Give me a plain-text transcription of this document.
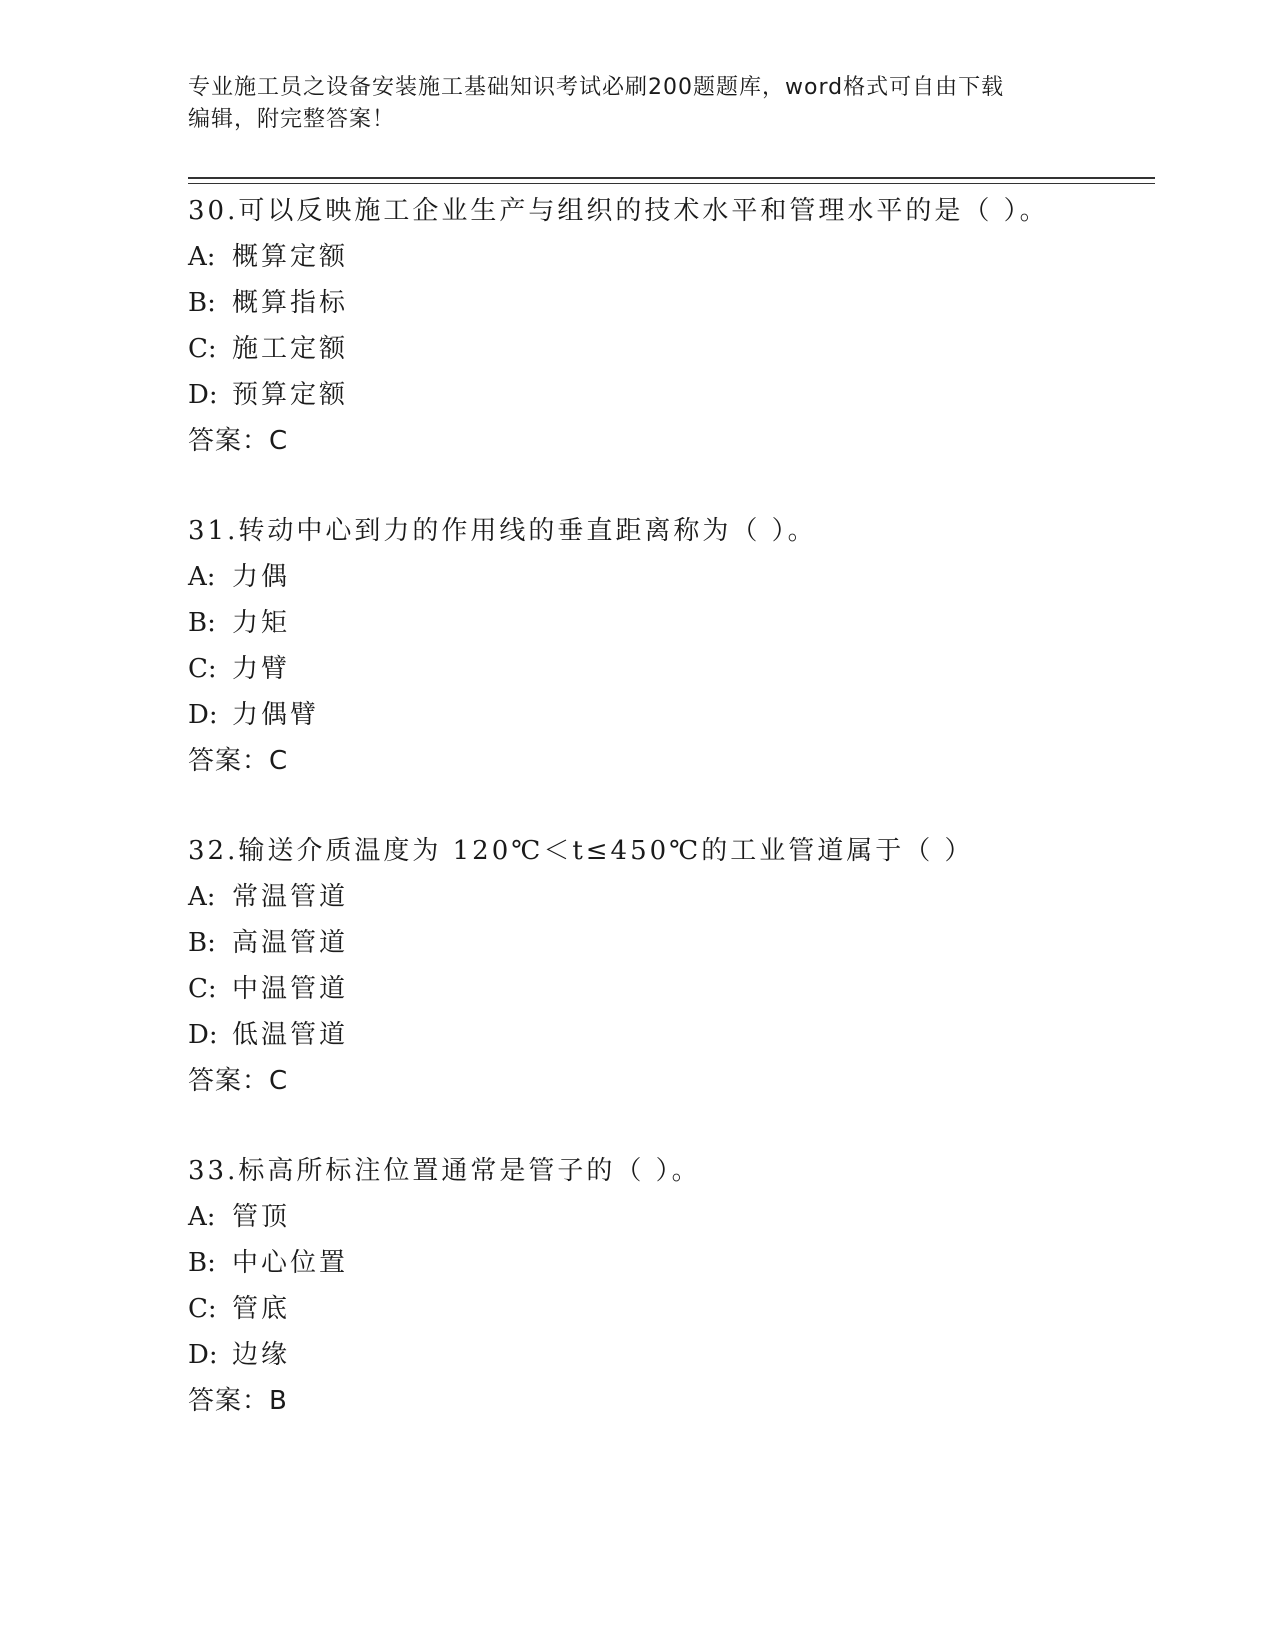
专业施工员之设备安装施工基础知识考试必刷200题题库，word格式可自由下载
编辑，附完整答案！
30.可以反映施工企业生产与组织的技术水平和管理水平的是（ ）。
A: 概算定额
B: 概算指标
C: 施工定额
D: 预算定额
答案：C
31.转动中心到力的作用线的垂直距离称为（ ）。
A: 力偶
B: 力矩
C: 力臂
D: 力偶臂
答案：C
32.输送介质温度为 120℃＜t≤450℃的工业管道属于（ ）
A: 常温管道
B: 高温管道
C: 中温管道
D: 低温管道
答案：C
33.标高所标注位置通常是管子的（ ）。
A: 管顶
B: 中心位置
C: 管底
D: 边缘
答案：B
